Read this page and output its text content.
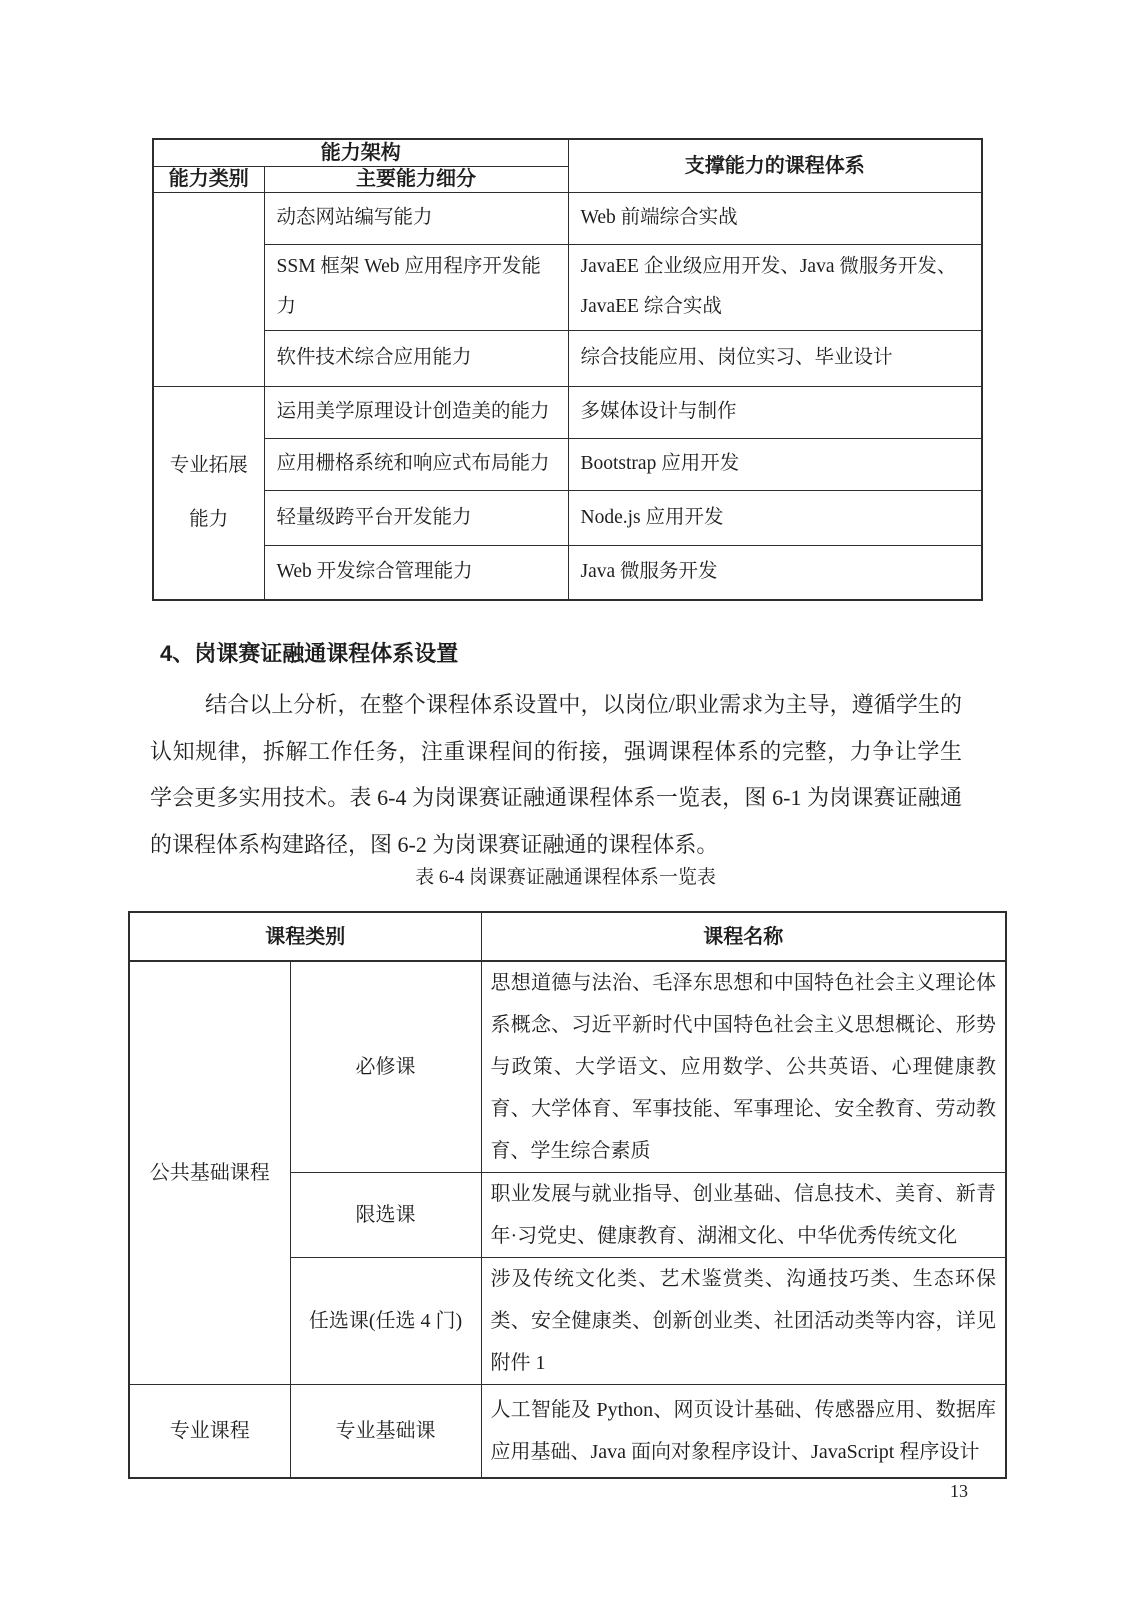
能力架构		支撑能力的课程体系
能力类别	主要能力细分	
	动态网站编写能力	Web 前端综合实战
	SSM 框架 Web 应用程序开发能力	JavaEE 企业级应用开发、Java 微服务开发、JavaEE 综合实战
	软件技术综合应用能力	综合技能应用、岗位实习、毕业设计
专业拓展能力	运用美学原理设计创造美的能力	多媒体设计与制作
	应用栅格系统和响应式布局能力	Bootstrap 应用开发
	轻量级跨平台开发能力	Node.js 应用开发
	Web 开发综合管理能力	Java 微服务开发
4、岗课赛证融通课程体系设置
结合以上分析，在整个课程体系设置中，以岗位/职业需求为主导，遵循学生的认知规律，拆解工作任务，注重课程间的衔接，强调课程体系的完整，力争让学生学会更多实用技术。表 6-4 为岗课赛证融通课程体系一览表，图 6-1 为岗课赛证融通的课程体系构建路径，图 6-2 为岗课赛证融通的课程体系。
表 6-4 岗课赛证融通课程体系一览表
课程类别		课程名称
公共基础课程	必修课	思想道德与法治、毛泽东思想和中国特色社会主义理论体系概念、习近平新时代中国特色社会主义思想概论、形势与政策、大学语文、应用数学、公共英语、心理健康教育、大学体育、军事技能、军事理论、安全教育、劳动教育、学生综合素质
	限选课	职业发展与就业指导、创业基础、信息技术、美育、新青年·习党史、健康教育、湖湘文化、中华优秀传统文化
	任选课(任选 4 门)	涉及传统文化类、艺术鉴赏类、沟通技巧类、生态环保类、安全健康类、创新创业类、社团活动类等内容，详见附件 1
专业课程	专业基础课	人工智能及 Python、网页设计基础、传感器应用、数据库应用基础、Java 面向对象程序设计、JavaScript 程序设计
13
